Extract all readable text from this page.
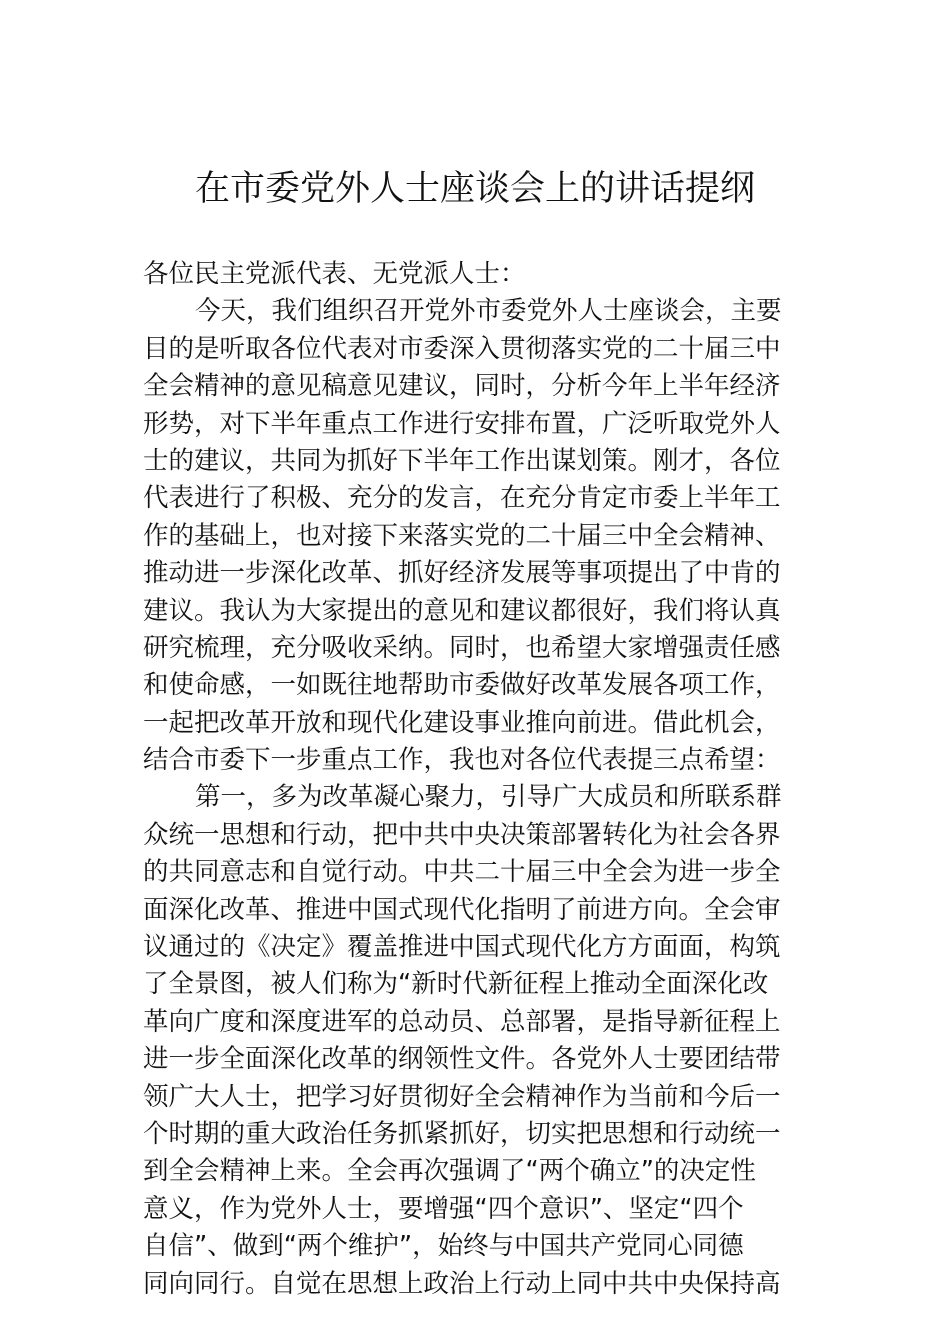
在市委党外人士座谈会上的讲话提纲
各位民主党派代表、无党派人士：
今天，我们组织召开党外市委党外人士座谈会，主要
目的是听取各位代表对市委深入贯彻落实党的二十届三中
全会精神的意见稿意见建议，同时，分析今年上半年经济
形势，对下半年重点工作进行安排布置，广泛听取党外人
士的建议，共同为抓好下半年工作出谋划策。刚才，各位
代表进行了积极、充分的发言，在充分肯定市委上半年工
作的基础上，也对接下来落实党的二十届三中全会精神、
推动进一步深化改革、抓好经济发展等事项提出了中肯的
建议。我认为大家提出的意见和建议都很好，我们将认真
研究梳理，充分吸收采纳。同时，也希望大家增强责任感
和使命感，一如既往地帮助市委做好改革发展各项工作，
一起把改革开放和现代化建设事业推向前进。借此机会，
结合市委下一步重点工作，我也对各位代表提三点希望：
第一，多为改革凝心聚力，引导广大成员和所联系群
众统一思想和行动，把中共中央决策部署转化为社会各界
的共同意志和自觉行动。中共二十届三中全会为进一步全
面深化改革、推进中国式现代化指明了前进方向。全会审
议通过的《决定》覆盖推进中国式现代化方方面面，构筑
了全景图，被人们称为“新时代新征程上推动全面深化改
革向广度和深度进军的总动员、总部署，是指导新征程上
进一步全面深化改革的纲领性文件。各党外人士要团结带
领广大人士，把学习好贯彻好全会精神作为当前和今后一
个时期的重大政治任务抓紧抓好，切实把思想和行动统一
到全会精神上来。全会再次强调了“两个确立”的决定性
意义，作为党外人士，要增强“四个意识”、坚定“四个
自信”、做到“两个维护”，始终与中国共产党同心同德
同向同行。自觉在思想上政治上行动上同中共中央保持高
